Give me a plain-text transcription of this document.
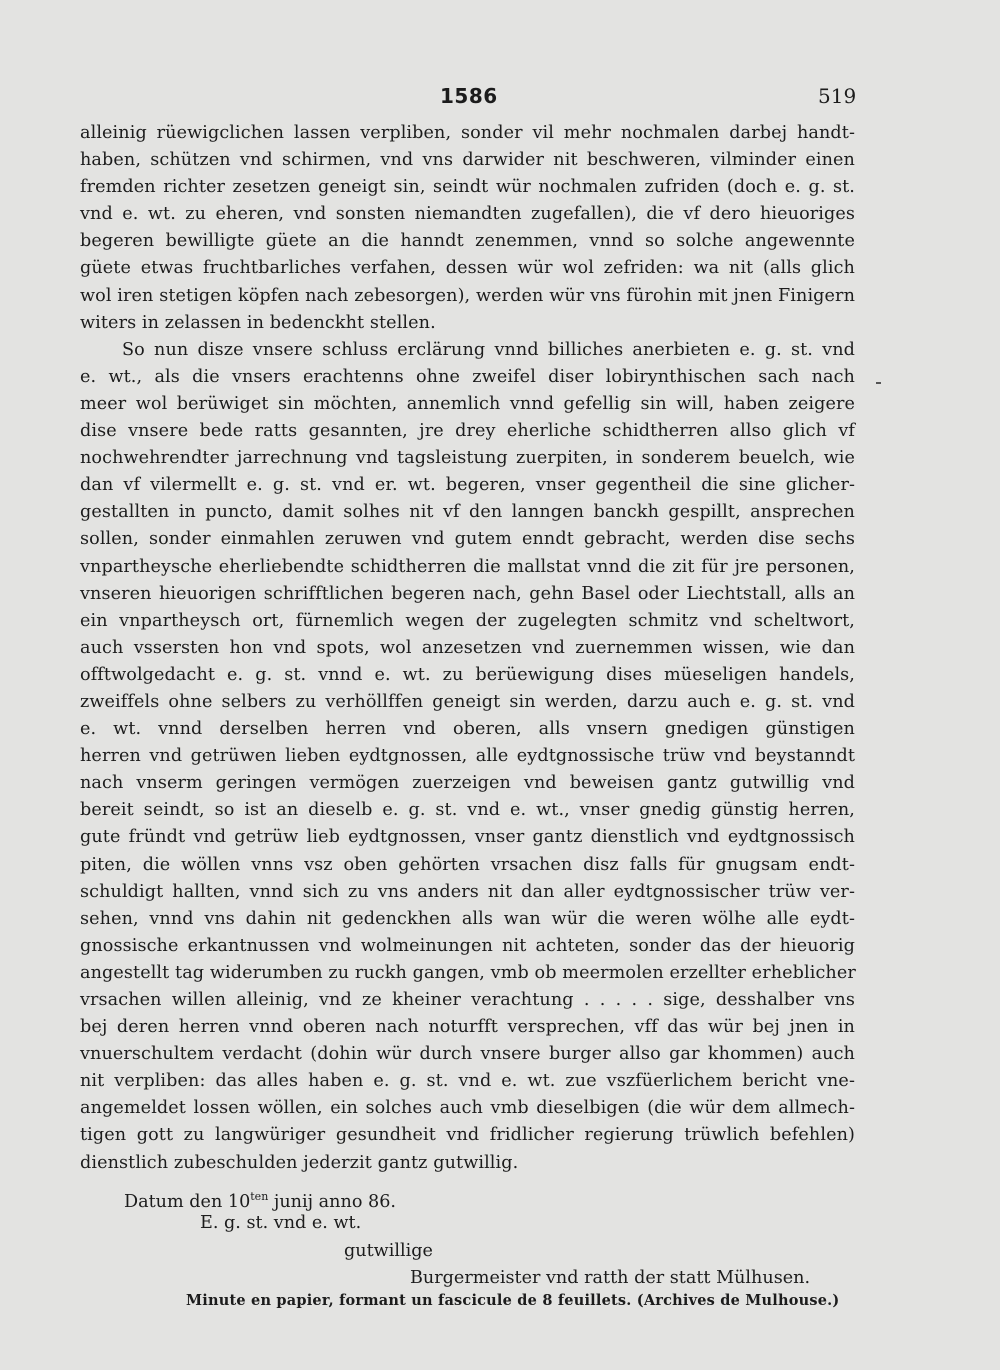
1586	519
alleinig rüewigclichen lassen verpliben, sonder vil mehr nochmalen darbej handt-
haben, schützen vnd schirmen, vnd vns darwider nit beschweren, vilminder einen
fremden richter zesetzen geneigt sin, seindt wür nochmalen zufriden (doch e. g. st.
vnd e. wt. zu eheren, vnd sonsten niemandten zugefallen), die vf dero hieuoriges
begeren bewilligte güete an die hanndt zenemmen, vnnd so solche angewennte
güete etwas fruchtbarliches verfahen, dessen wür wol zefriden: wa nit (alls glich
wol iren stetigen köpfen nach zebesorgen), werden wür vns fürohin mit jnen Finigern
witers in zelassen in bedenckht stellen.
So nun disze vnsere schluss erclärung vnnd billiches anerbieten e. g. st. vnd
e. wt., als die vnsers erachtenns ohne zweifel diser lobirynthischen sach nach
meer wol berüwiget sin möchten, annemlich vnnd gefellig sin will, haben zeigere
dise vnsere bede ratts gesannten, jre drey eherliche schidtherren allso glich vf
nochwehrendter jarrechnung vnd tagsleistung zuerpiten, in sonderem beuelch, wie
dan vf vilermellt e. g. st. vnd er. wt. begeren, vnser gegentheil die sine glicher-
gestallten in puncto, damit solhes nit vf den lanngen banckh gespillt, ansprechen
sollen, sonder einmahlen zeruwen vnd gutem enndt gebracht, werden dise sechs
vnpartheysche eherliebendte schidtherren die mallstat vnnd die zit für jre personen,
vnseren hieuorigen schrifftlichen begeren nach, gehn Basel oder Liechtstall, alls an
ein vnpartheysch ort, fürnemlich wegen der zugelegten schmitz vnd scheltwort,
auch vssersten hon vnd spots, wol anzesetzen vnd zuernemmen wissen, wie dan
offtwolgedacht e. g. st. vnnd e. wt. zu berüewigung dises müeseligen handels,
zweiffels ohne selbers zu verhöllffen geneigt sin werden, darzu auch e. g. st. vnd
e. wt. vnnd derselben herren vnd oberen, alls vnsern gnedigen günstigen
herren vnd getrüwen lieben eydtgnossen, alle eydtgnossische trüw vnd beystanndt
nach vnserm geringen vermögen zuerzeigen vnd beweisen gantz gutwillig vnd
bereit seindt, so ist an dieselb e. g. st. vnd e. wt., vnser gnedig günstig herren,
gute fründt vnd getrüw lieb eydtgnossen, vnser gantz dienstlich vnd eydtgnossisch
piten, die wöllen vnns vsz oben gehörten vrsachen disz falls für gnugsam endt-
schuldigt hallten, vnnd sich zu vns anders nit dan aller eydtgnossischer trüw ver-
sehen, vnnd vns dahin nit gedenckhen alls wan wür die weren wölhe alle eydt-
gnossische erkantnussen vnd wolmeinungen nit achteten, sonder das der hieuorig
angestellt tag widerumben zu ruckh gangen, vmb ob meermolen erzellter erheblicher
vrsachen willen alleinig, vnd ze kheiner verachtung . . . . . sige, desshalber vns
bej deren herren vnnd oberen nach noturfft versprechen, vff das wür bej jnen in
vnuerschultem verdacht (dohin wür durch vnsere burger allso gar khommen) auch
nit verpliben: das alles haben e. g. st. vnd e. wt. zue vszfüerlichem bericht vne-
angemeldet lossen wöllen, ein solches auch vmb dieselbigen (die wür dem allmech-
tigen gott zu langwüriger gesundheit vnd fridlicher regierung trüwlich befehlen)
dienstlich zubeschulden jederzit gantz gutwillig.
Datum den $10^{ten}$ junij anno 86.
E. g. st. vnd e. wt.
gutwillige
Burgermeister vnd ratth der statt Mülhusen.
Minute en papier, formant un fascicule de 8 feuillets. (Archives de Mulhouse.)
